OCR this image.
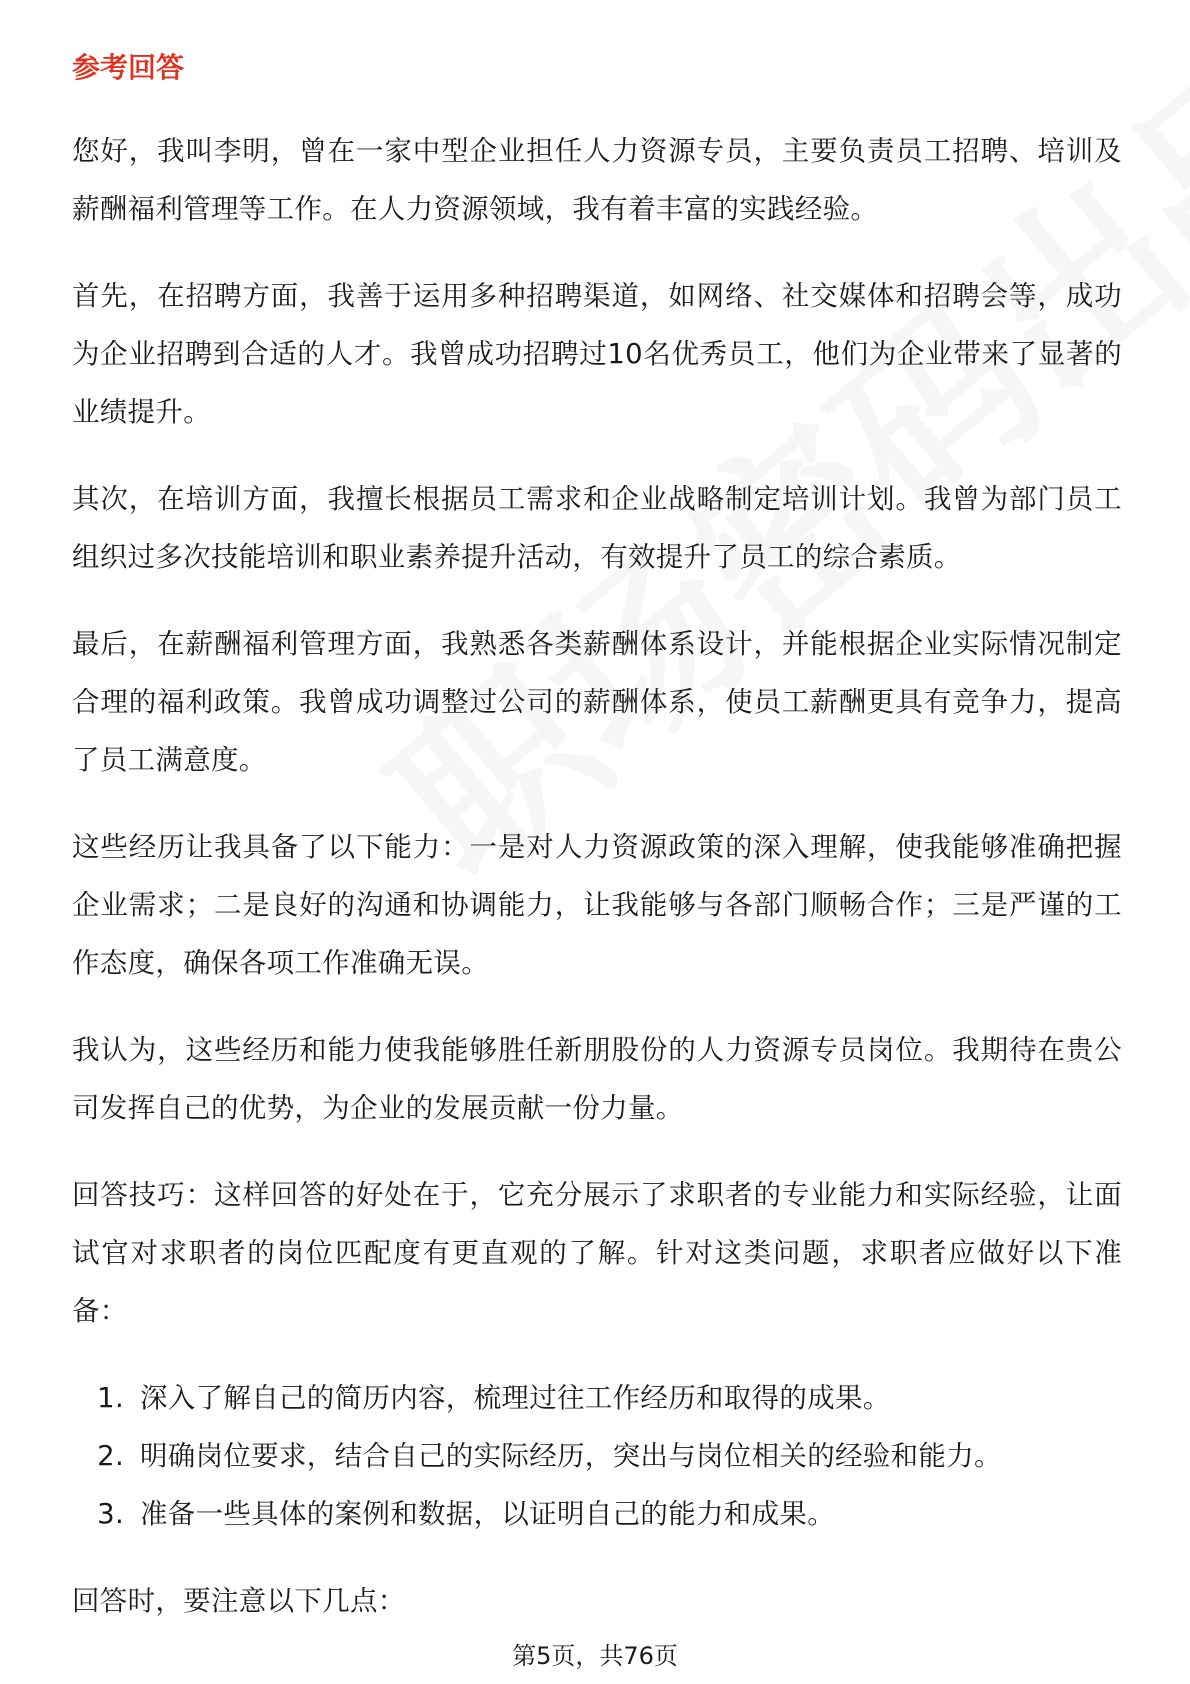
参考回答

您好，我叫李明，曾在一家中型企业担任人力资源专员，主要负责员工招聘、培训及薪酬福利管理等工作。在人力资源领域，我有着丰富的实践经验。

首先，在招聘方面，我善于运用多种招聘渠道，如网络、社交媒体和招聘会等，成功为企业招聘到合适的人才。我曾成功招聘过10名优秀员工，他们为企业带来了显著的业绩提升。

其次，在培训方面，我擅长根据员工需求和企业战略制定培训计划。我曾为部门员工组织过多次技能培训和职业素养提升活动，有效提升了员工的综合素质。

最后，在薪酬福利管理方面，我熟悉各类薪酬体系设计，并能根据企业实际情况制定合理的福利政策。我曾成功调整过公司的薪酬体系，使员工薪酬更具有竞争力，提高了员工满意度。

这些经历让我具备了以下能力：一是对人力资源政策的深入理解，使我能够准确把握企业需求；二是良好的沟通和协调能力，让我能够与各部门顺畅合作；三是严谨的工作态度，确保各项工作准确无误。

我认为，这些经历和能力使我能够胜任新朋股份的人力资源专员岗位。我期待在贵公司发挥自己的优势，为企业的发展贡献一份力量。

回答技巧：这样回答的好处在于，它充分展示了求职者的专业能力和实际经验，让面试官对求职者的岗位匹配度有更直观的了解。针对这类问题，求职者应做好以下准备：

1. 深入了解自己的简历内容，梳理过往工作经历和取得的成果。
2. 明确岗位要求，结合自己的实际经历，突出与岗位相关的经验和能力。
3. 准备一些具体的案例和数据，以证明自己的能力和成果。

回答时，要注意以下几点：

第5页，共76页
